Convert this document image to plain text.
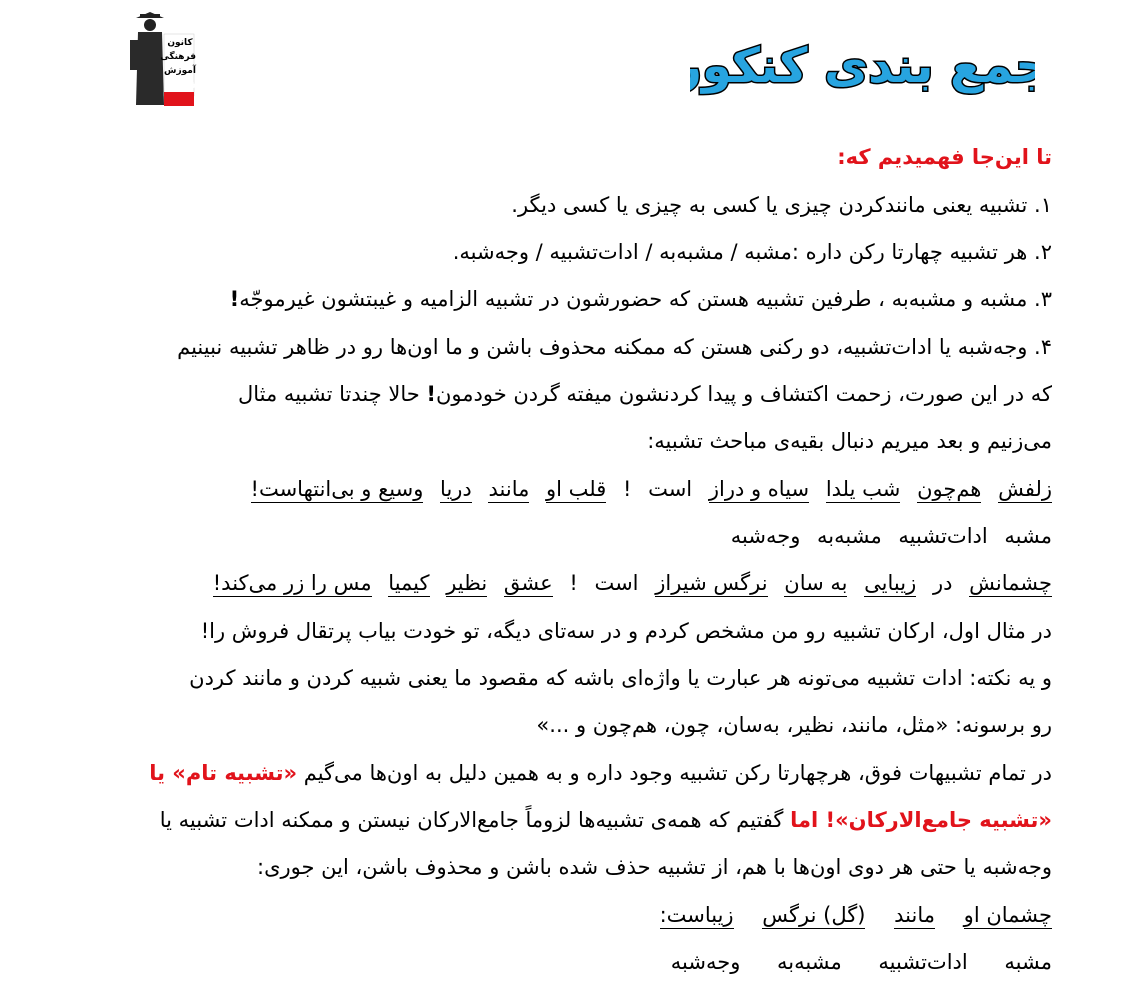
کانون
فرهنگی
آموزش
قلم‌چی	جمع بندی کنکور
تا این‌جا فهمیدیم که:
۱. تشبیه یعنی مانندکردن چیزی یا کسی به چیزی یا کسی دیگر.
۲. هر تشبیه چهارتا رکن داره :مشبه / مشبه‌به / ادات‌تشبیه / وجه‌شبه.
۳. مشبه و مشبه‌به ، طرفین تشبیه هستن که حضورشون در تشبیه الزامیه و غیبتشون غیرموجّه!
۴. وجه‌شبه یا ادات‌تشبیه، دو رکنی هستن که ممکنه محذوف باشن و ما اون‌ها رو در ظاهر تشبیه نبینیم
که در این صورت، زحمت اکتشاف و پیدا کردنشون میفته گردن خودمون! حالا چندتا تشبیه مثال
می‌زنیم و بعد میریم دنبال بقیه‌ی مباحث تشبیه:
زلفش هم‌چون شب یلدا سیاه و دراز است ! قلب او مانند دریا وسیع و بی‌انتهاست!
مشبه ادات‌تشبیه مشبه‌به وجه‌شبه
چشمانش در زیبایی به سان نرگس شیراز است ! عشق نظیر کیمیا مس را زر می‌کند!
در مثال اول، ارکان تشبیه رو من مشخص کردم و در سه‌تای دیگه، تو خودت بیاب پرتقال فروش را!
و یه نکته: ادات تشبیه می‌تونه هر عبارت یا واژه‌ای باشه که مقصود ما یعنی شبیه کردن و مانند کردن
رو برسونه: «مثل، مانند، نظیر، به‌سان، چون، هم‌چون و ...»
در تمام تشبیهات فوق، هرچهارتا رکن تشبیه وجود داره و به همین دلیل به اون‌ها می‌گیم «تشبیه تام» یا
«تشبیه جامع‌الارکان»! اما گفتیم که همه‌ی تشبیه‌ها لزوماً جامع‌الارکان نیستن و ممکنه ادات تشبیه یا
وجه‌شبه یا حتی هر دوی اون‌ها با هم، از تشبیه حذف شده باشن و محذوف باشن، این جوری:
چشمان او مانند (گل) نرگس زیباست:
مشبه ادات‌تشبیه مشبه‌به وجه‌شبه
